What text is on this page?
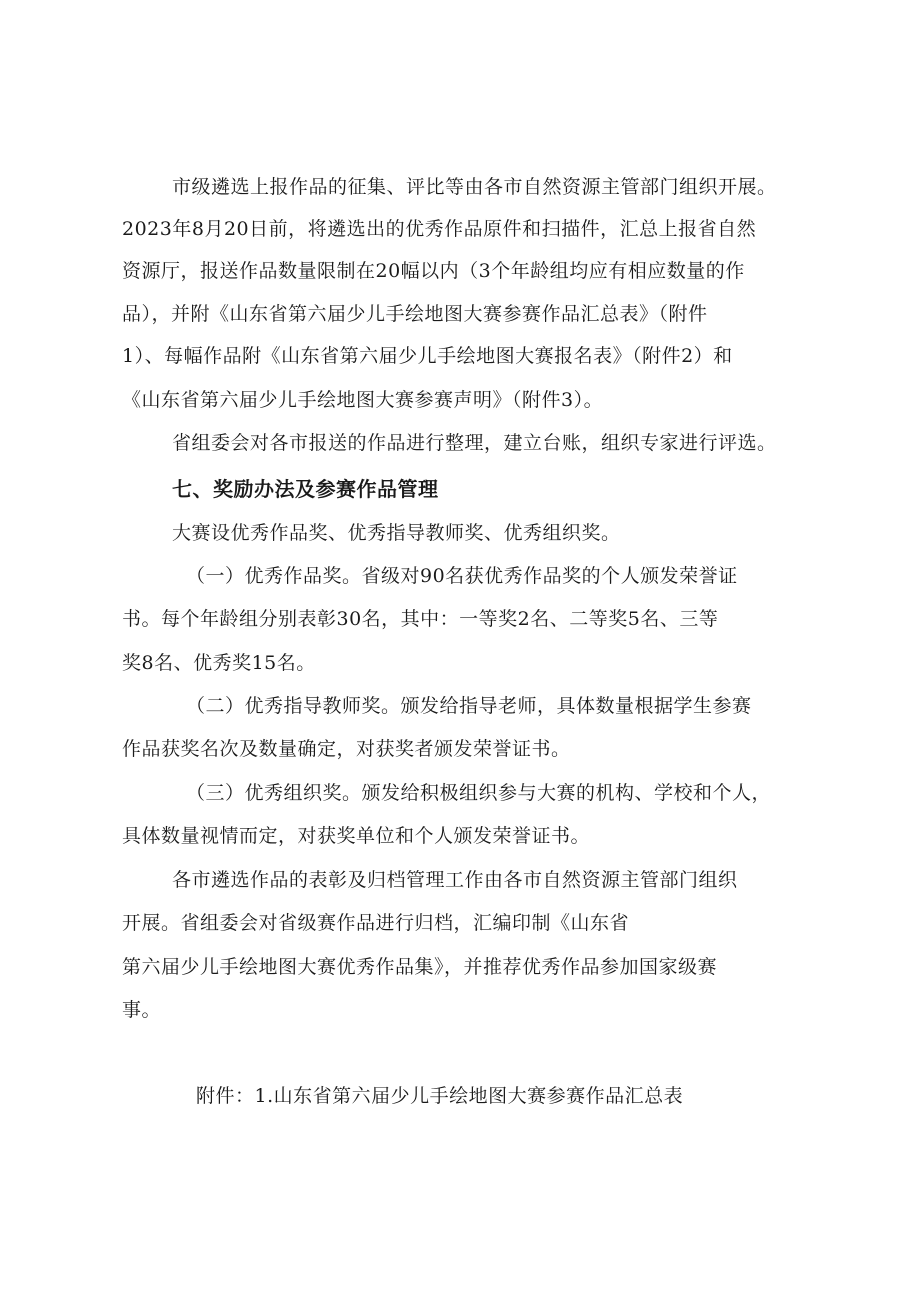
市级遴选上报作品的征集、评比等由各市自然资源主管部门组织开展。
2023年8月20日前，将遴选出的优秀作品原件和扫描件，汇总上报省自然
资源厅，报送作品数量限制在20幅以内（3个年龄组均应有相应数量的作
品），并附《山东省第六届少儿手绘地图大赛参赛作品汇总表》（附件
1）、每幅作品附《山东省第六届少儿手绘地图大赛报名表》（附件2）和
《山东省第六届少儿手绘地图大赛参赛声明》（附件3）。
省组委会对各市报送的作品进行整理，建立台账，组织专家进行评选。
七、奖励办法及参赛作品管理
大赛设优秀作品奖、优秀指导教师奖、优秀组织奖。
（一）优秀作品奖。省级对90名获优秀作品奖的个人颁发荣誉证
书。每个年龄组分别表彰30名，其中：一等奖2名、二等奖5名、三等
奖8名、优秀奖15名。
（二）优秀指导教师奖。颁发给指导老师，具体数量根据学生参赛
作品获奖名次及数量确定，对获奖者颁发荣誉证书。
（三）优秀组织奖。颁发给积极组织参与大赛的机构、学校和个人，
具体数量视情而定，对获奖单位和个人颁发荣誉证书。
各市遴选作品的表彰及归档管理工作由各市自然资源主管部门组织
开展。省组委会对省级赛作品进行归档，汇编印制《山东省
第六届少儿手绘地图大赛优秀作品集》，并推荐优秀作品参加国家级赛
事。
附件：1.山东省第六届少儿手绘地图大赛参赛作品汇总表
